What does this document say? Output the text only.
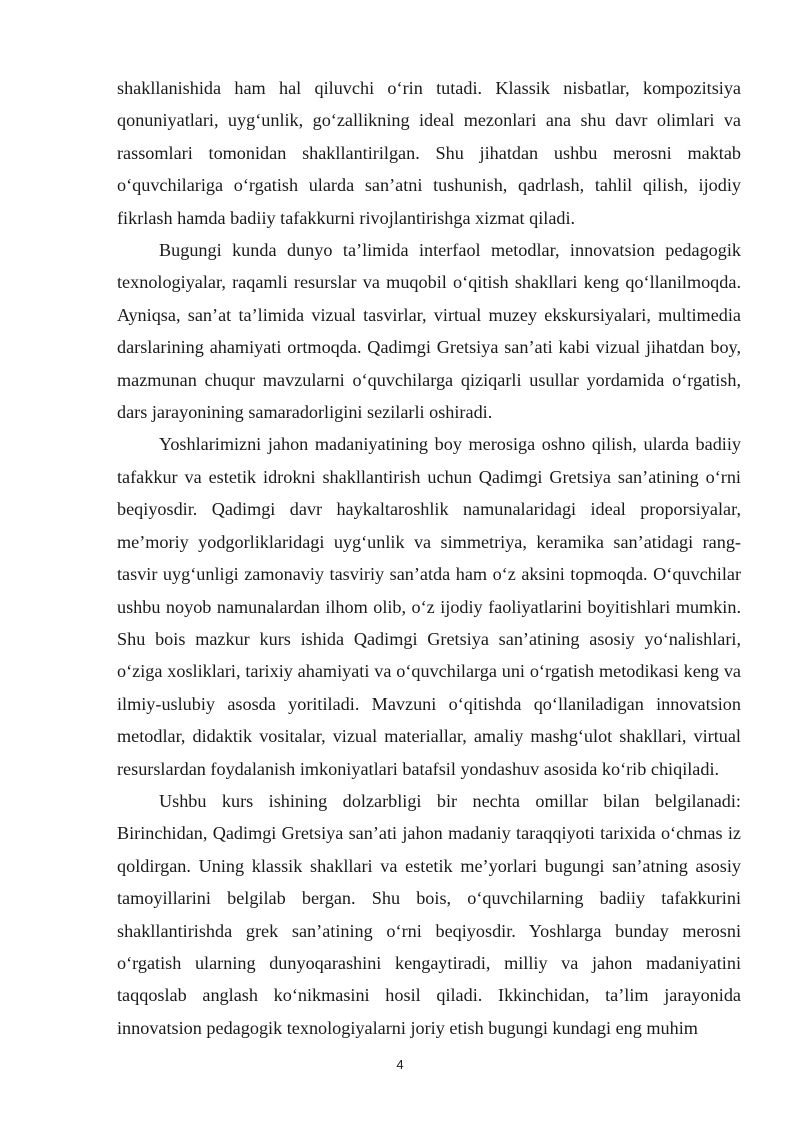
shakllanishida ham hal qiluvchi o‘rin tutadi. Klassik nisbatlar, kompozitsiya qonuniyatlari, uyg‘unlik, go‘zallikning ideal mezonlari ana shu davr olimlari va rassomlari tomonidan shakllantirilgan. Shu jihatdan ushbu merosni maktab o‘quvchilariga o‘rgatish ularda san’atni tushunish, qadrlash, tahlil qilish, ijodiy fikrlash hamda badiiy tafakkurni rivojlantirishga xizmat qiladi.

Bugungi kunda dunyo ta’limida interfaol metodlar, innovatsion pedagogik texnologiyalar, raqamli resurslar va muqobil o‘qitish shakllari keng qo‘llanilmoqda. Ayniqsa, san’at ta’limida vizual tasvirlar, virtual muzey ekskursiyalari, multimedia darslarining ahamiyati ortmoqda. Qadimgi Gretsiya san’ati kabi vizual jihatdan boy, mazmunan chuqur mavzularni o‘quvchilarga qiziqarli usullar yordamida o‘rgatish, dars jarayonining samaradorligini sezilarli oshiradi.

Yoshlarimizni jahon madaniyatining boy merosiga oshno qilish, ularda badiiy tafakkur va estetik idrokni shakllantirish uchun Qadimgi Gretsiya san’atining o‘rni beqiyosdir. Qadimgi davr haykaltaroshlik namunalaridagi ideal proporsiyalar, me’moriy yodgorliklaridagi uyg‘unlik va simmetriya, keramika san’atidagi rang-tasvir uyg‘unligi zamonaviy tasviriy san’atda ham o‘z aksini topmoqda. O‘quvchilar ushbu noyob namunalardan ilhom olib, o‘z ijodiy faoliyatlarini boyitishlari mumkin. Shu bois mazkur kurs ishida Qadimgi Gretsiya san’atining asosiy yo‘nalishlari, o‘ziga xosliklari, tarixiy ahamiyati va o‘quvchilarga uni o‘rgatish metodikasi keng va ilmiy-uslubiy asosda yoritiladi. Mavzuni o‘qitishda qo‘llaniladigan innovatsion metodlar, didaktik vositalar, vizual materiallar, amaliy mashg‘ulot shakllari, virtual resurslardan foydalanish imkoniyatlari batafsil yondashuv asosida ko‘rib chiqiladi.

Ushbu kurs ishining dolzarbligi bir nechta omillar bilan belgilanadi: Birinchidan, Qadimgi Gretsiya san’ati jahon madaniy taraqqiyoti tarixida o‘chmas iz qoldirgan. Uning klassik shakllari va estetik me’yorlari bugungi san’atning asosiy tamoyillarini belgilab bergan. Shu bois, o‘quvchilarning badiiy tafakkurini shakllantirishda grek san’atining o‘rni beqiyosdir. Yoshlarga bunday merosni o‘rgatish ularning dunyoqarashini kengaytiradi, milliy va jahon madaniyatini taqqoslab anglash ko‘nikmasini hosil qiladi. Ikkinchidan, ta’lim jarayonida innovatsion pedagogik texnologiyalarni joriy etish bugungi kundagi eng muhim

4
